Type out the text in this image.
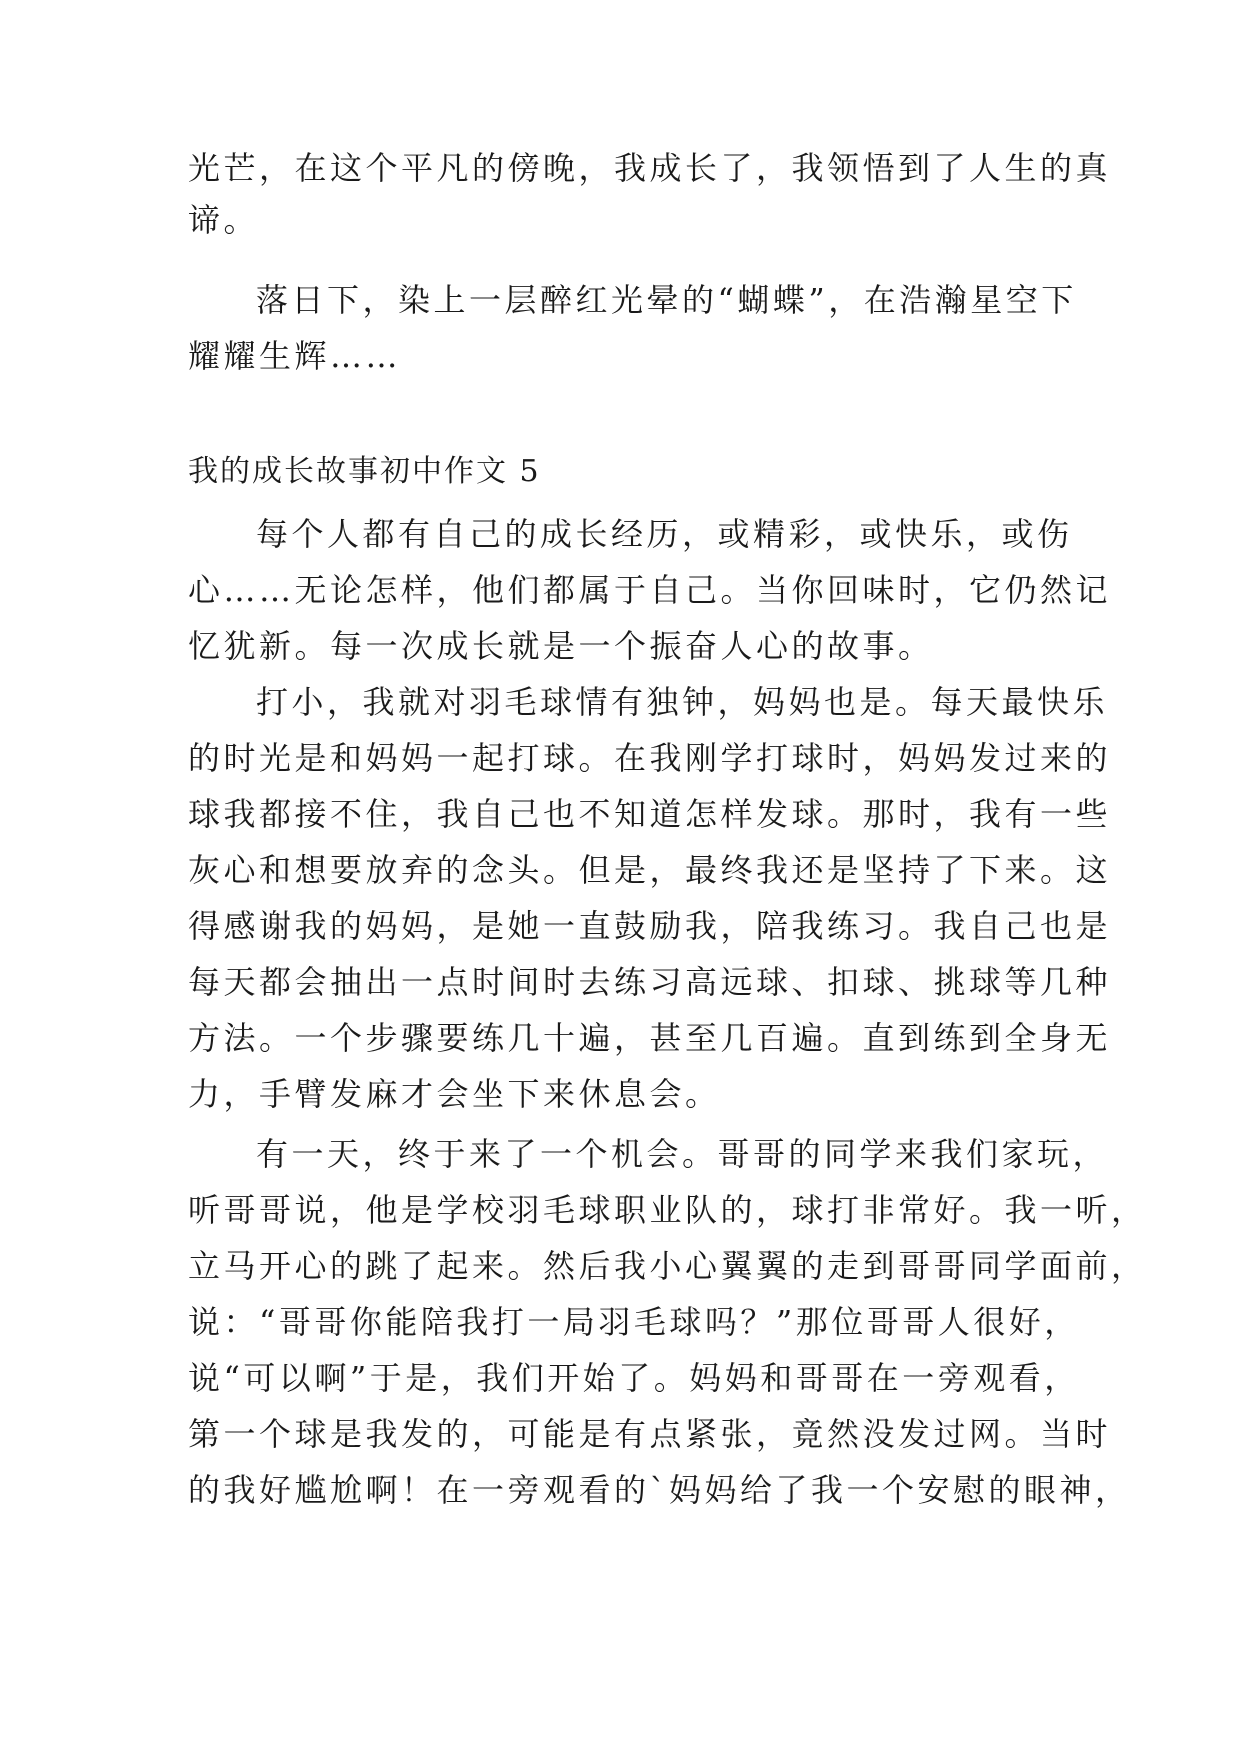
光芒，在这个平凡的傍晚，我成长了，我领悟到了人生的真

谛。

落日下，染上一层醉红光晕的“蝴蝶”，在浩瀚星空下

耀耀生辉……

我的成长故事初中作文 5

每个人都有自己的成长经历，或精彩，或快乐，或伤

心……无论怎样，他们都属于自己。当你回味时，它仍然记

忆犹新。每一次成长就是一个振奋人心的故事。

打小，我就对羽毛球情有独钟，妈妈也是。每天最快乐

的时光是和妈妈一起打球。在我刚学打球时，妈妈发过来的

球我都接不住，我自己也不知道怎样发球。那时，我有一些

灰心和想要放弃的念头。但是，最终我还是坚持了下来。这

得感谢我的妈妈，是她一直鼓励我，陪我练习。我自己也是

每天都会抽出一点时间时去练习高远球、扣球、挑球等几种

方法。一个步骤要练几十遍，甚至几百遍。直到练到全身无

力，手臂发麻才会坐下来休息会。

有一天，终于来了一个机会。哥哥的同学来我们家玩，

听哥哥说，他是学校羽毛球职业队的，球打非常好。我一听，

立马开心的跳了起来。然后我小心翼翼的走到哥哥同学面前，

说：“哥哥你能陪我打一局羽毛球吗？”那位哥哥人很好，

说“可以啊”于是，我们开始了。妈妈和哥哥在一旁观看，

第一个球是我发的，可能是有点紧张，竟然没发过网。当时

的我好尴尬啊！在一旁观看的`妈妈给了我一个安慰的眼神，
